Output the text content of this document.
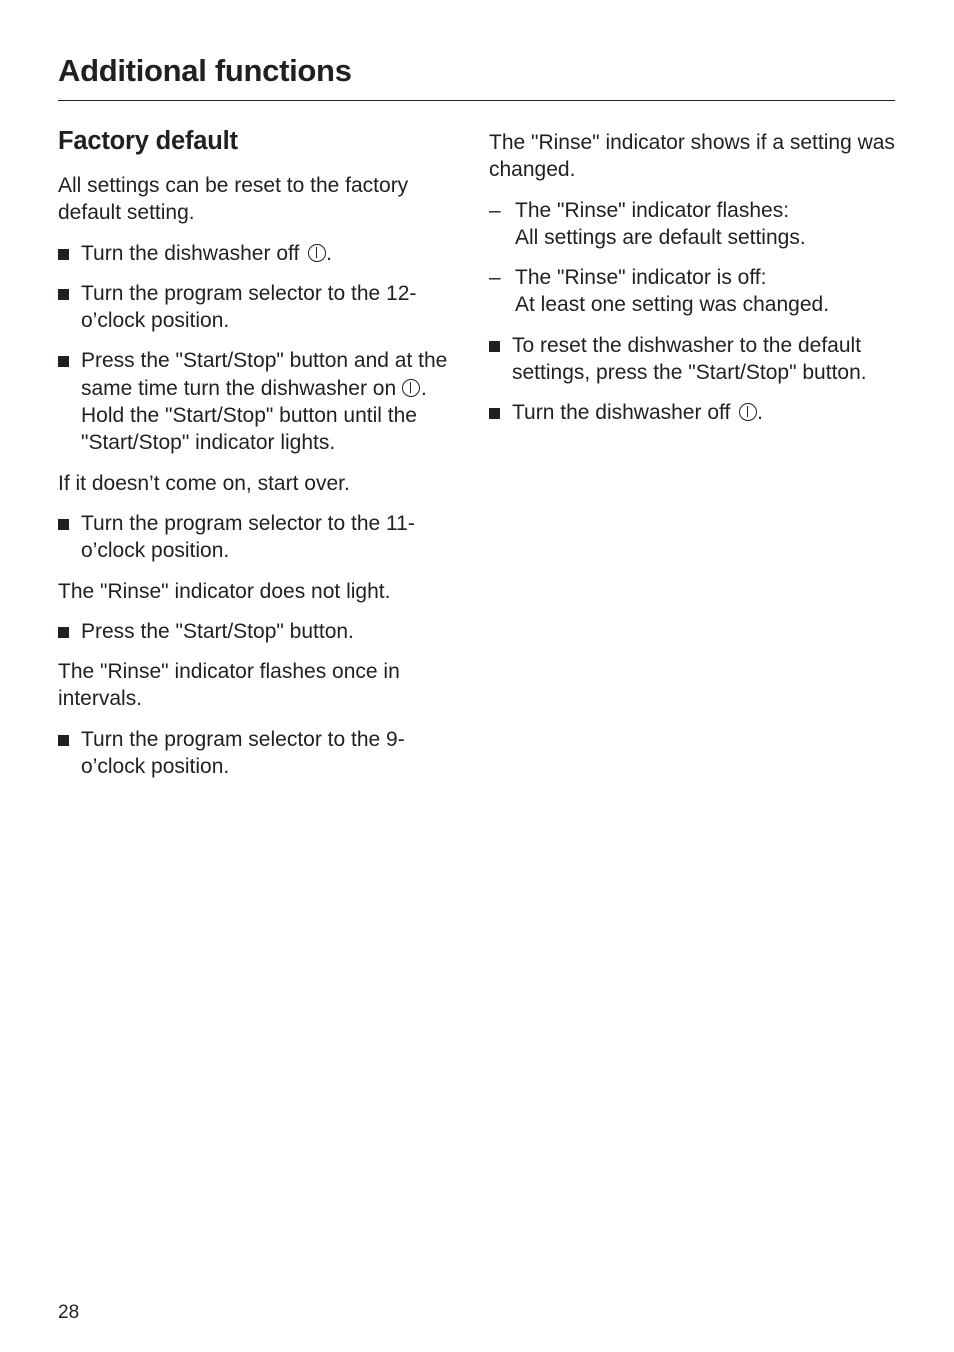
Additional functions
Factory default

All settings can be reset to the factory default setting.

Turn the dishwasher off .
Turn the program selector to the 12-o’clock position.
Press the "Start/Stop" button and at the same time turn the dishwasher on . Hold the "Start/Stop" button until the "Start/Stop" indicator lights.

If it doesn’t come on, start over.

Turn the program selector to the 11-o’clock position.

The "Rinse" indicator does not light.

Press the "Start/Stop" button.

The "Rinse" indicator flashes once in intervals.

Turn the program selector to the 9-o’clock position.

The "Rinse" indicator shows if a setting was changed.

– The "Rinse" indicator flashes:
All settings are default settings.
– The "Rinse" indicator is off:
At least one setting was changed.
To reset the dishwasher to the default settings, press the "Start/Stop" button.
Turn the dishwasher off .
28
